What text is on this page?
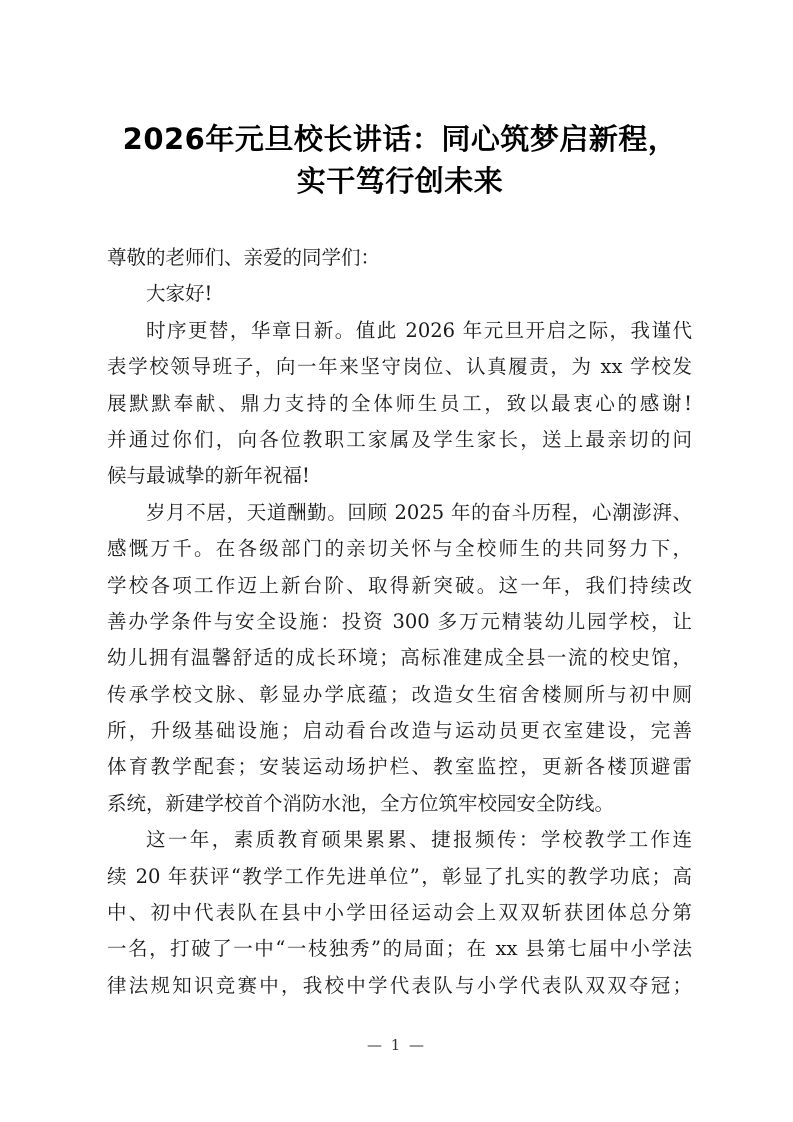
2026年元旦校长讲话：同心筑梦启新程，
实干笃行创未来
尊敬的老师们、亲爱的同学们：
大家好!
时序更替，华章日新。值此 2026 年元旦开启之际，我谨代
表学校领导班子，向一年来坚守岗位、认真履责，为 xx 学校发
展默默奉献、鼎力支持的全体师生员工，致以最衷心的感谢!
并通过你们，向各位教职工家属及学生家长，送上最亲切的问
候与最诚挚的新年祝福!
岁月不居，天道酬勤。回顾 2025 年的奋斗历程，心潮澎湃、
感慨万千。在各级部门的亲切关怀与全校师生的共同努力下，
学校各项工作迈上新台阶、取得新突破。这一年，我们持续改
善办学条件与安全设施：投资 300 多万元精装幼儿园学校，让
幼儿拥有温馨舒适的成长环境；高标准建成全县一流的校史馆，
传承学校文脉、彰显办学底蕴；改造女生宿舍楼厕所与初中厕
所，升级基础设施；启动看台改造与运动员更衣室建设，完善
体育教学配套；安装运动场护栏、教室监控，更新各楼顶避雷
系统，新建学校首个消防水池，全方位筑牢校园安全防线。
这一年，素质教育硕果累累、捷报频传：学校教学工作连
续 20 年获评“教学工作先进单位”，彰显了扎实的教学功底；高
中、初中代表队在县中小学田径运动会上双双斩获团体总分第
一名，打破了一中“一枝独秀”的局面；在 xx 县第七届中小学法
律法规知识竞赛中，我校中学代表队与小学代表队双双夺冠；
— 1 —
